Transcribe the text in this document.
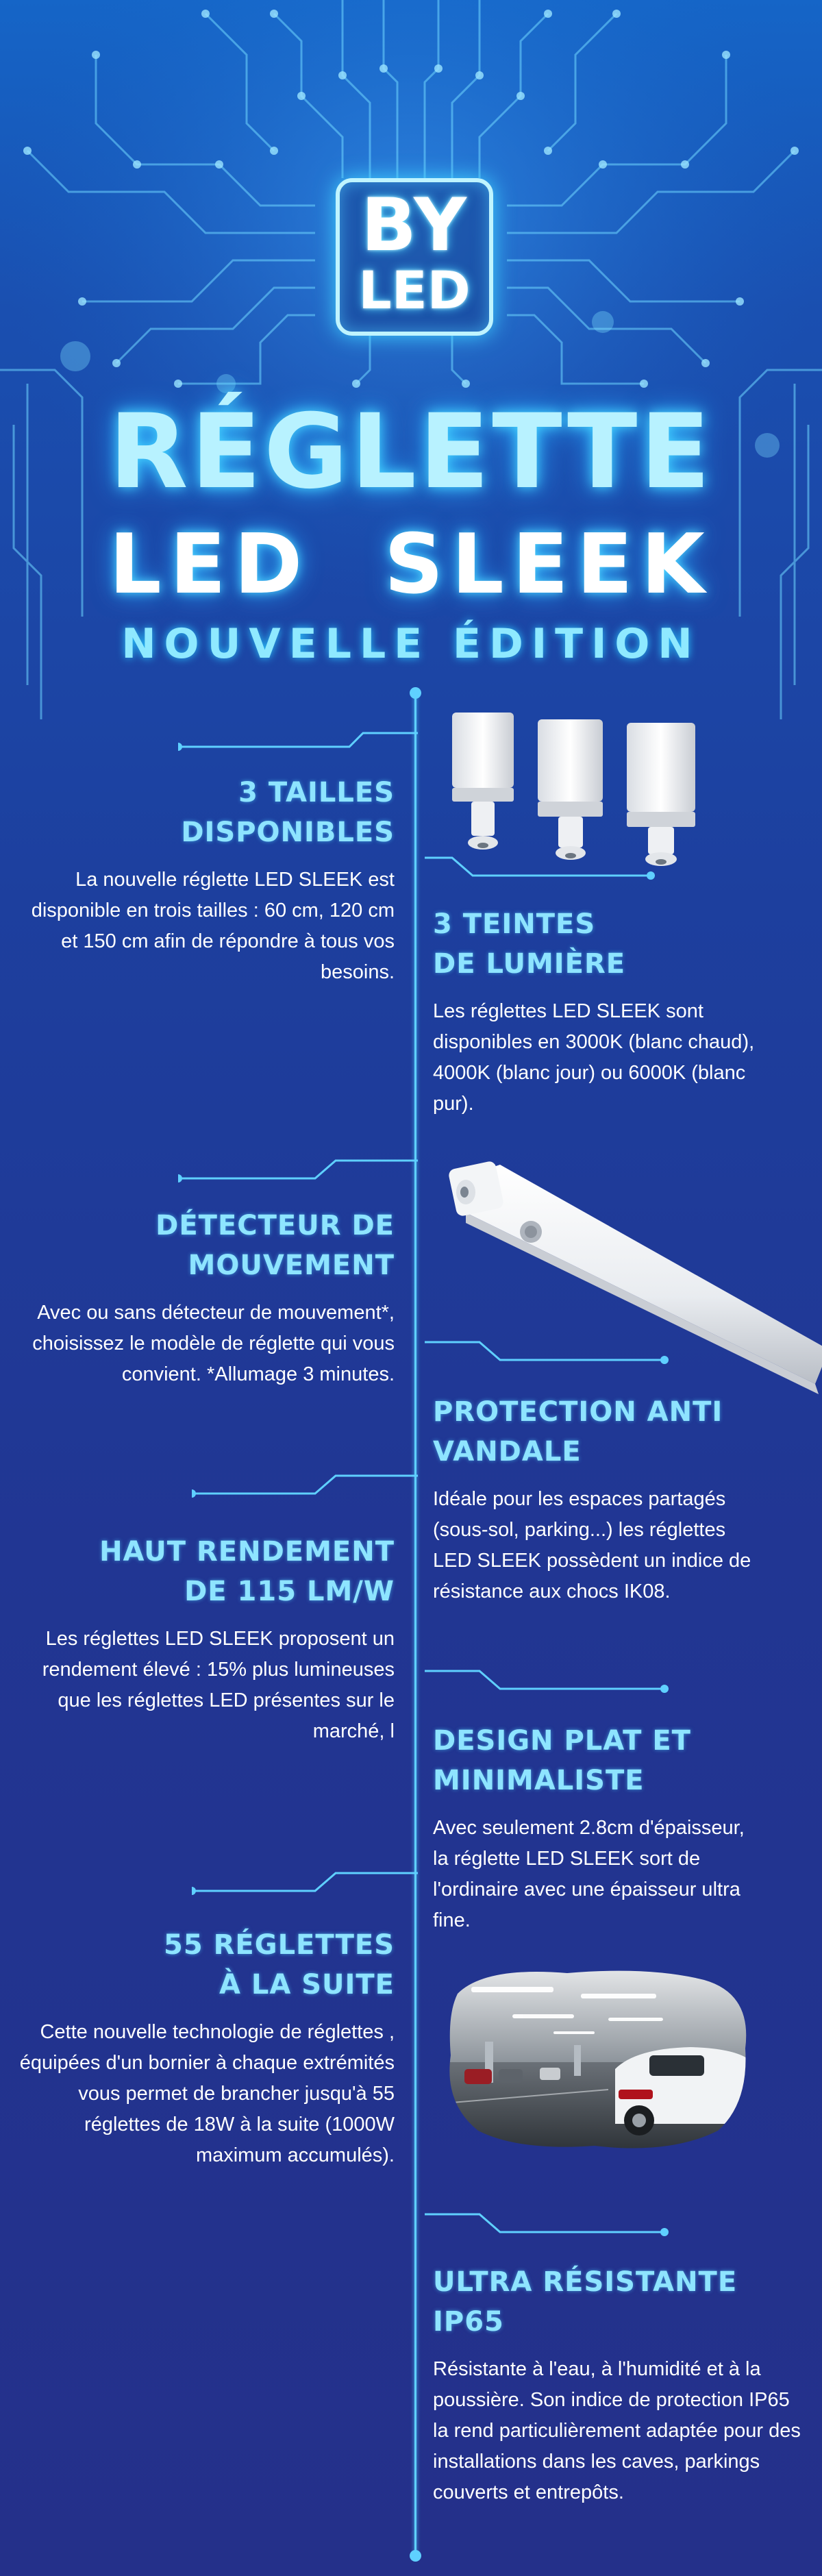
BY
LED
RÉGLETTE
LED  SLEEK
NOUVELLE ÉDITION
3 TAILLES
DISPONIBLES

La nouvelle réglette LED SLEEK est disponible en trois tailles : 60 cm, 120 cm et 150 cm afin de répondre à tous vos besoins.

3 TEINTES
DE LUMIÈRE

Les réglettes LED SLEEK sont disponibles en 3000K (blanc chaud), 4000K (blanc jour) ou 6000K (blanc pur).

DÉTECTEUR DE
MOUVEMENT

Avec ou sans détecteur de mouvement*, choisissez le modèle de réglette qui vous convient. *Allumage 3 minutes.

PROTECTION ANTI
VANDALE

Idéale pour les espaces partagés (sous-sol, parking...) les réglettes LED SLEEK possèdent un indice de résistance aux chocs IK08.

HAUT RENDEMENT
DE 115 LM/W

Les réglettes LED SLEEK proposent un rendement élevé : 15% plus lumineuses que les réglettes LED présentes sur le marché, l DESIGN PLAT ET
MINIMALISTE

Avec seulement 2.8cm d'épaisseur, la réglette LED SLEEK sort de l'ordinaire avec une épaisseur ultra fine.

55 RÉGLETTES
À LA SUITE

Cette nouvelle technologie de réglettes , équipées d'un bornier à chaque extrémités vous permet de brancher jusqu'à 55 réglettes de 18W à la suite (1000W maximum accumulés).

ULTRA RÉSISTANTE
IP65

Résistante à l'eau, à l'humidité et à la poussière. Son indice de protection IP65 la rend particulièrement adaptée pour des installations dans les caves, parkings couverts et entrepôts.
